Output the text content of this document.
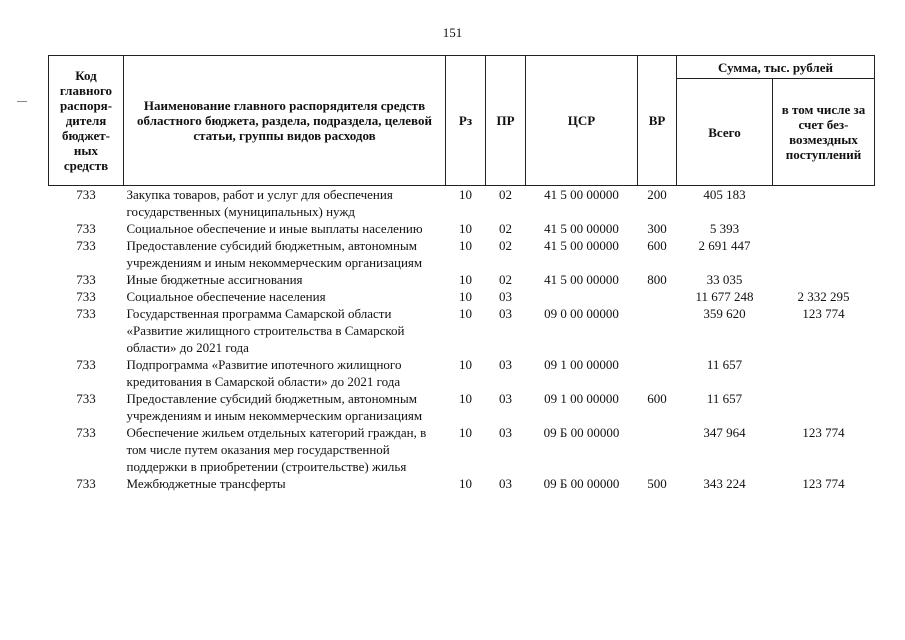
151
Код главного распоря-дителя бюджет-ных средств	Наименование главного распорядителя средств областного бюджета, раздела, подраздела, целевой статьи, группы видов расходов	Рз	ПР	ЦСР	ВР	Сумма, тыс. рублей	
						Всего	в том числе за счет без-возмездных поступлений
733	Закупка товаров, работ и услуг для обеспечения государственных (муниципальных) нужд	10	02	41 5 00 00000	200	405 183	
733	Социальное обеспечение и иные выплаты населению	10	02	41 5 00 00000	300	5 393	
733	Предоставление субсидий бюджетным, автономным учреждениям и иным некоммерческим организациям	10	02	41 5 00 00000	600	2 691 447	
733	Иные бюджетные ассигнования	10	02	41 5 00 00000	800	33 035	
733	Социальное обеспечение населения	10	03			11 677 248	2 332 295
733	Государственная программа Самарской области «Развитие жилищного строительства в Самарской области» до 2021 года	10	03	09 0 00 00000		359 620	123 774
733	Подпрограмма «Развитие ипотечного жилищного кредитования в Самарской области» до 2021 года	10	03	09 1 00 00000		11 657	
733	Предоставление субсидий бюджетным, автономным учреждениям и иным некоммерческим организациям	10	03	09 1 00 00000	600	11 657	
733	Обеспечение жильем отдельных категорий граждан, в том числе путем оказания мер государственной поддержки в приобретении (строительстве) жилья	10	03	09 Б 00 00000		347 964	123 774
733	Межбюджетные трансферты	10	03	09 Б 00 00000	500	343 224	123 774
